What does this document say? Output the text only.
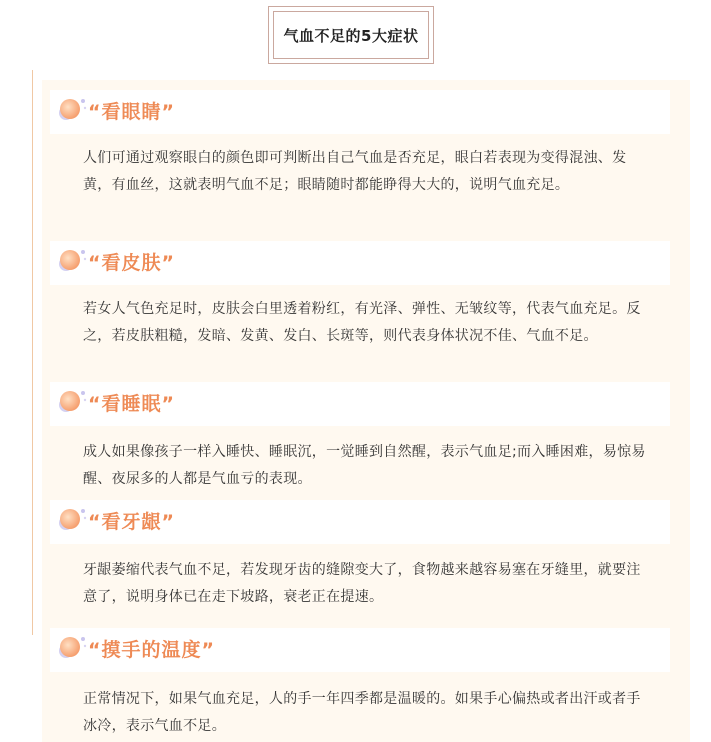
气血不足的5大症状
“看眼睛”
人们可通过观察眼白的颜色即可判断出自己气血是否充足，眼白若表现为变得混浊、发黄，有血丝，这就表明气血不足；眼睛随时都能睁得大大的，说明气血充足。
“看皮肤”
若女人气色充足时，皮肤会白里透着粉红，有光泽、弹性、无皱纹等，代表气血充足。反之，若皮肤粗糙，发暗、发黄、发白、长斑等，则代表身体状况不佳、气血不足。
“看睡眠”
成人如果像孩子一样入睡快、睡眠沉，一觉睡到自然醒，表示气血足;而入睡困难，易惊易醒、夜尿多的人都是气血亏的表现。
“看牙龈”
牙龈萎缩代表气血不足，若发现牙齿的缝隙变大了，食物越来越容易塞在牙缝里，就要注意了，说明身体已在走下坡路，衰老正在提速。
“摸手的温度”
正常情况下，如果气血充足，人的手一年四季都是温暖的。如果手心偏热或者出汗或者手冰冷，表示气血不足。
